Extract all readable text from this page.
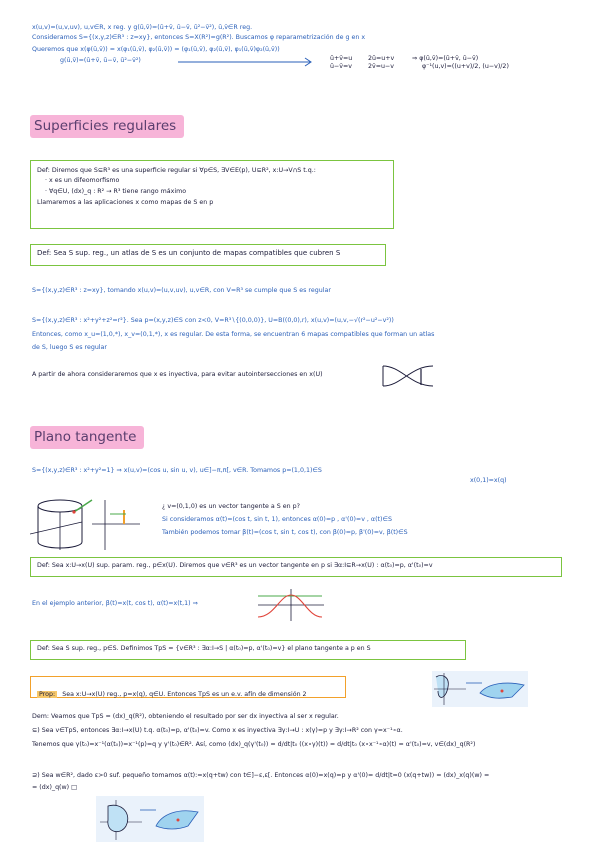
x(u,v)=(u,v,uv), u,v∈R, x reg. y g(ū,v̄)=(ū+v̄, ū−v̄, ū²−v̄²), ū,v̄∈R reg.
Consideramos S={(x,y,z)∈R³ : z=xy}, entonces S=X(R²)=g(R²). Buscamos φ reparametrización de g en x
Queremos que x(φ(ū,v̄)) = x(φ₁(ū,v̄), φ₂(ū,v̄)) = (φ₁(ū,v̄), φ₂(ū,v̄), φ₁(ū,v̄)φ₂(ū,v̄))
g(ū,v̄)=(ū+v̄, ū−v̄, ū²−v̄²)	ū+v̄=u
ū−v̄=v
2ū=u+v
2v̄=u−v
⇒ φ(ū,v̄)=(ū+v̄, ū−v̄)
φ⁻¹(u,v)=((u+v)/2, (u−v)/2)
Superficies regulares
Def: Diremos que S⊆R³ es una superficie regular si ∀p∈S, ∃V∈E(p), U⊆R², x:U→V∩S t.q.:
· x es un difeomorfismo
· ∀q∈U, (dx)_q : R² → R³ tiene rango máximo
Llamaremos a las aplicaciones x como mapas de S en p
Def: Sea S sup. reg., un atlas de S es un conjunto de mapas compatibles que cubren S
S={(x,y,z)∈R³ : z=xy}, tomando x(u,v)=(u,v,uv), u,v∈R, con V=R³ se cumple que S es regular
S={(x,y,z)∈R³ : x²+y²+z²=r²}. Sea p=(x,y,z)∈S con z<0, V=R³∖{(0,0,0)}, U=B((0,0),r), x(u,v)=(u,v,−√(r²−u²−v²))
Entonces, como x_u=(1,0,*), x_v=(0,1,*), x es regular. De esta forma, se encuentran 6 mapas compatibles que forman un atlas
de S, luego S es regular
A partir de ahora consideraremos que x es inyectiva, para evitar autointersecciones en x(U)
Plano tangente
S={(x,y,z)∈R³ : x²+y²=1} ⇒ x(u,v)=(cos u, sin u, v), u∈]−π,π[, v∈R. Tomamos p=(1,0,1)∈S
x(0,1)=x(q)
¿ v=(0,1,0) es un vector tangente a S en p?
Si consideramos α(t)=(cos t, sin t, 1), entonces α(0)=p , α'(0)=v , α(t)∈S
También podemos tomar β(t)=(cos t, sin t, cos t), con β(0)=p, β'(0)=v, β(t)∈S
Def: Sea x:U→x(U) sup. param. reg., p∈x(U). Diremos que v∈R³ es un vector tangente en p si ∃α:I⊆R→x(U) : α(t₀)=p, α'(t₀)=v
En el ejemplo anterior, β(t)=x(t, cos t), α(t)=x(t,1) ⇒
Def: Sea S sup. reg., p∈S. Definimos TpS = {v∈R³ : ∃α:I→S | α(t₀)=p, α'(t₀)=v} el plano tangente a p en S
Prop: Sea x:U→x(U) reg., p=x(q), q∈U. Entonces TpS es un e.v. afín de dimensión 2
Dem: Veamos que TpS = (dx)_q(R²), obteniendo el resultado por ser dx inyectiva al ser x regular.
⊆) Sea v∈TpS, entonces ∃α:I→x(U) t.q. α(t₀)=p, α'(t₀)=v. Como x es inyectiva ∃γ:I→U : x(γ)=p y ∃γ:I→R² con γ=x⁻¹∘α.
Tenemos que γ(t₀)=x⁻¹(α(t₀))=x⁻¹(p)=q y γ'(t₀)∈R². Así, como (dx)_q(γ'(t₀)) = d/dt|t₀ ((x∘γ)(t)) = d/dt|t₀ (x∘x⁻¹∘α)(t) = α'(t₀)=v, v∈(dx)_q(R²)
⊇) Sea w∈R², dado ε>0 suf. pequeño tomamos α(t):=x(q+tw) con t∈]−ε,ε[. Entonces α(0)=x(q)=p y α'(0)= d/dt|t=0 (x(q+tw)) = (dx)_x(q)(w) =
= (dx)_q(w) □
